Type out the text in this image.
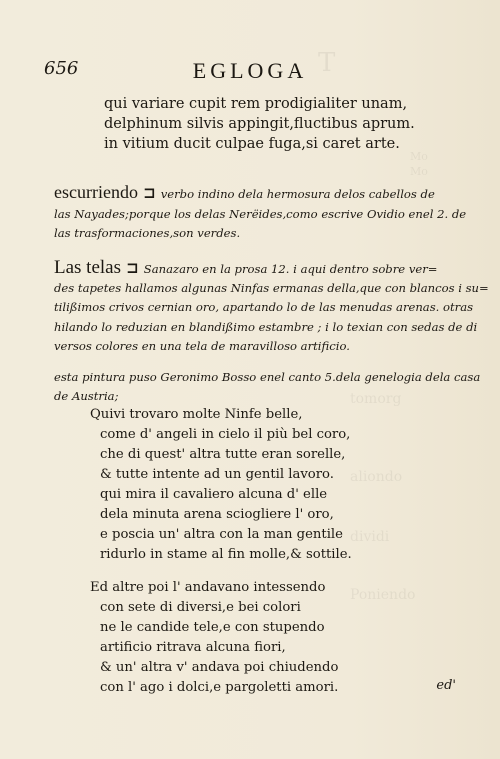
Mo
Mo
tomorg
aliondo
dividi
Poniendo
T
656	EGLOGA
qui variare cupit rem prodigialiter unam,
delphinum silvis appingit,fluctibus aprum.
in vitium ducit culpae fuga,si caret arte.
escurriendo ⊐ verbo indino dela hermosura delos cabellos de
las Nayades;porque los delas Nerëides,como escrive Ovidio enel 2. de
las trasformaciones,son verdes.
Las telas ⊐ Sanazaro en la prosa 12. i aqui dentro sobre ver=
des tapetes hallamos algunas Ninfas ermanas della,que con blancos i su=
tilißimos crivos cernian oro, apartando lo de las menudas arenas. otras
hilando lo reduzian en blandißimo estambre ; i lo texian con sedas de di
versos colores en una tela de maravilloso artificio.
esta pintura puso Geronimo Bosso enel canto 5.dela genelogia dela casa
de Austria;
Quivi trovaro molte Ninfe belle,
come d' angeli in cielo il più bel coro,
che di quest' altra tutte eran sorelle,
& tutte intente ad un gentil lavoro.
qui mira il cavaliero alcuna d' elle
dela minuta arena sciogliere l' oro,
e poscia un' altra con la man gentile
ridurlo in stame al fin molle,& sottile.
Ed altre poi l' andavano intessendo
con sete di diversi,e bei colori
ne le candide tele,e con stupendo
artificio ritrava alcuna fiori,
& un' altra v' andava poi chiudendo
con l' ago i dolci,e pargoletti amori.	ed'
